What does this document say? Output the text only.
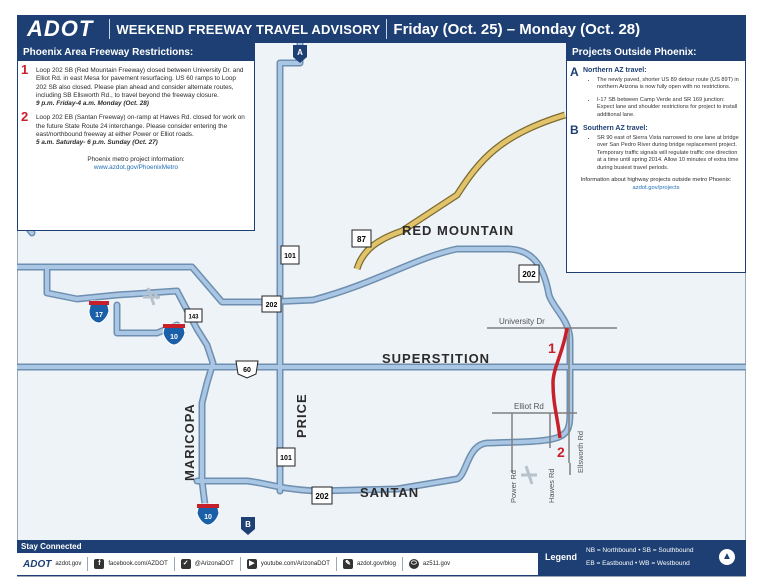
ADOT	WEEKEND FREEWAY TRAVEL ADVISORY Friday (Oct. 25) – Monday (Oct. 28)
17
10
10
143
60
101
101
202
87
202
202
A
B
RED MOUNTAIN
SUPERSTITION
SANTAN
PRICE
MARICOPA
University Dr
Elliot Rd
Power Rd	Hawes Rd
Ellsworth Rd
1
2
Phoenix Area Freeway Restrictions:
1 Loop 202 SB (Red Mountain Freeway) closed between University Dr. and Elliot Rd. in east Mesa for pavement resurfacing. US 60 ramps to Loop 202 SB also closed. Please plan ahead and consider alternate routes, including SB Ellsworth Rd., to travel beyond the freeway closure.
9 p.m. Friday-4 a.m. Monday (Oct. 28)
2 Loop 202 EB (Santan Freeway) on-ramp at Hawes Rd. closed for work on the future State Route 24 interchange. Please consider entering the east/northbound freeway at either Power or Elliot roads.
5 a.m. Saturday- 6 p.m. Sunday (Oct. 27)
Phoenix metro project information:
www.azdot.gov/PhoenixMetro
Projects Outside Phoenix:
A Northern AZ travel:
• The newly paved, shorter US 89 detour route (US 89T) in northern Arizona is now fully open with no restrictions.
• I-17 SB between Camp Verde and SR 169 junction: Expect lane and shoulder restrictions for project to install additional lane.
B Southern AZ travel:
• SR 90 east of Sierra Vista narrowed to one lane at bridge over San Pedro River during bridge replacement project. Temporary traffic signals will regulate traffic one direction at a time until spring 2014. Allow 10 minutes of extra time during busiest travel periods.
Information about highway projects outside metro Phoenix: azdot.gov/projects
Stay Connected
ADOT azdot.gov	f	facebook.com/AZDOT ✓	@ArizonaDOT	▶	youtube.com/ArizonaDOT ✎	azdot.gov/blog ⬭	az511.gov
Legend
NB = Northbound • SB = Southbound
EB = Eastbound • WB = Westbound
▲
